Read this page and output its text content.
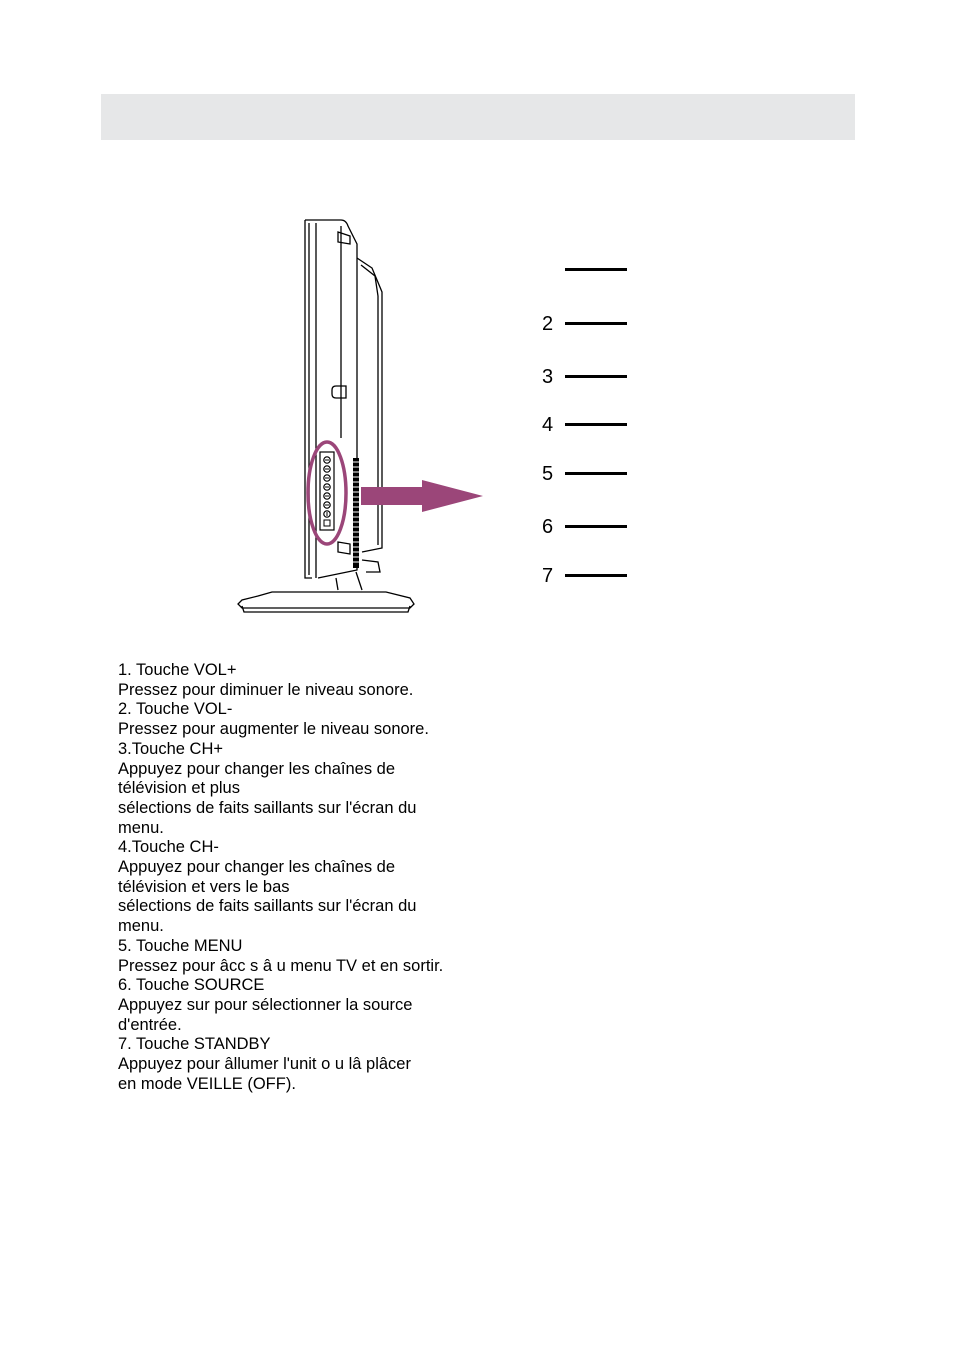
2
3
4
5
6
7
1. Touche VOL+
Pressez pour diminuer le niveau sonore.
2. Touche VOL-
Pressez pour augmenter le niveau sonore.
3.Touche CH+
Appuyez pour changer les chaînes de
télévision et plus
sélections de faits saillants sur l'écran du
menu.
4.Touche CH-
Appuyez pour changer les chaînes de
télévision et vers le bas
sélections de faits saillants sur l'écran du
menu.
5. Touche MENU
Pressez pour âcc s â u menu TV et en sortir.
6. Touche SOURCE
Appuyez sur pour sélectionner la source
d'entrée.
7. Touche STANDBY
Appuyez pour âllumer l'unit o u lâ plâcer
en mode VEILLE (OFF).
